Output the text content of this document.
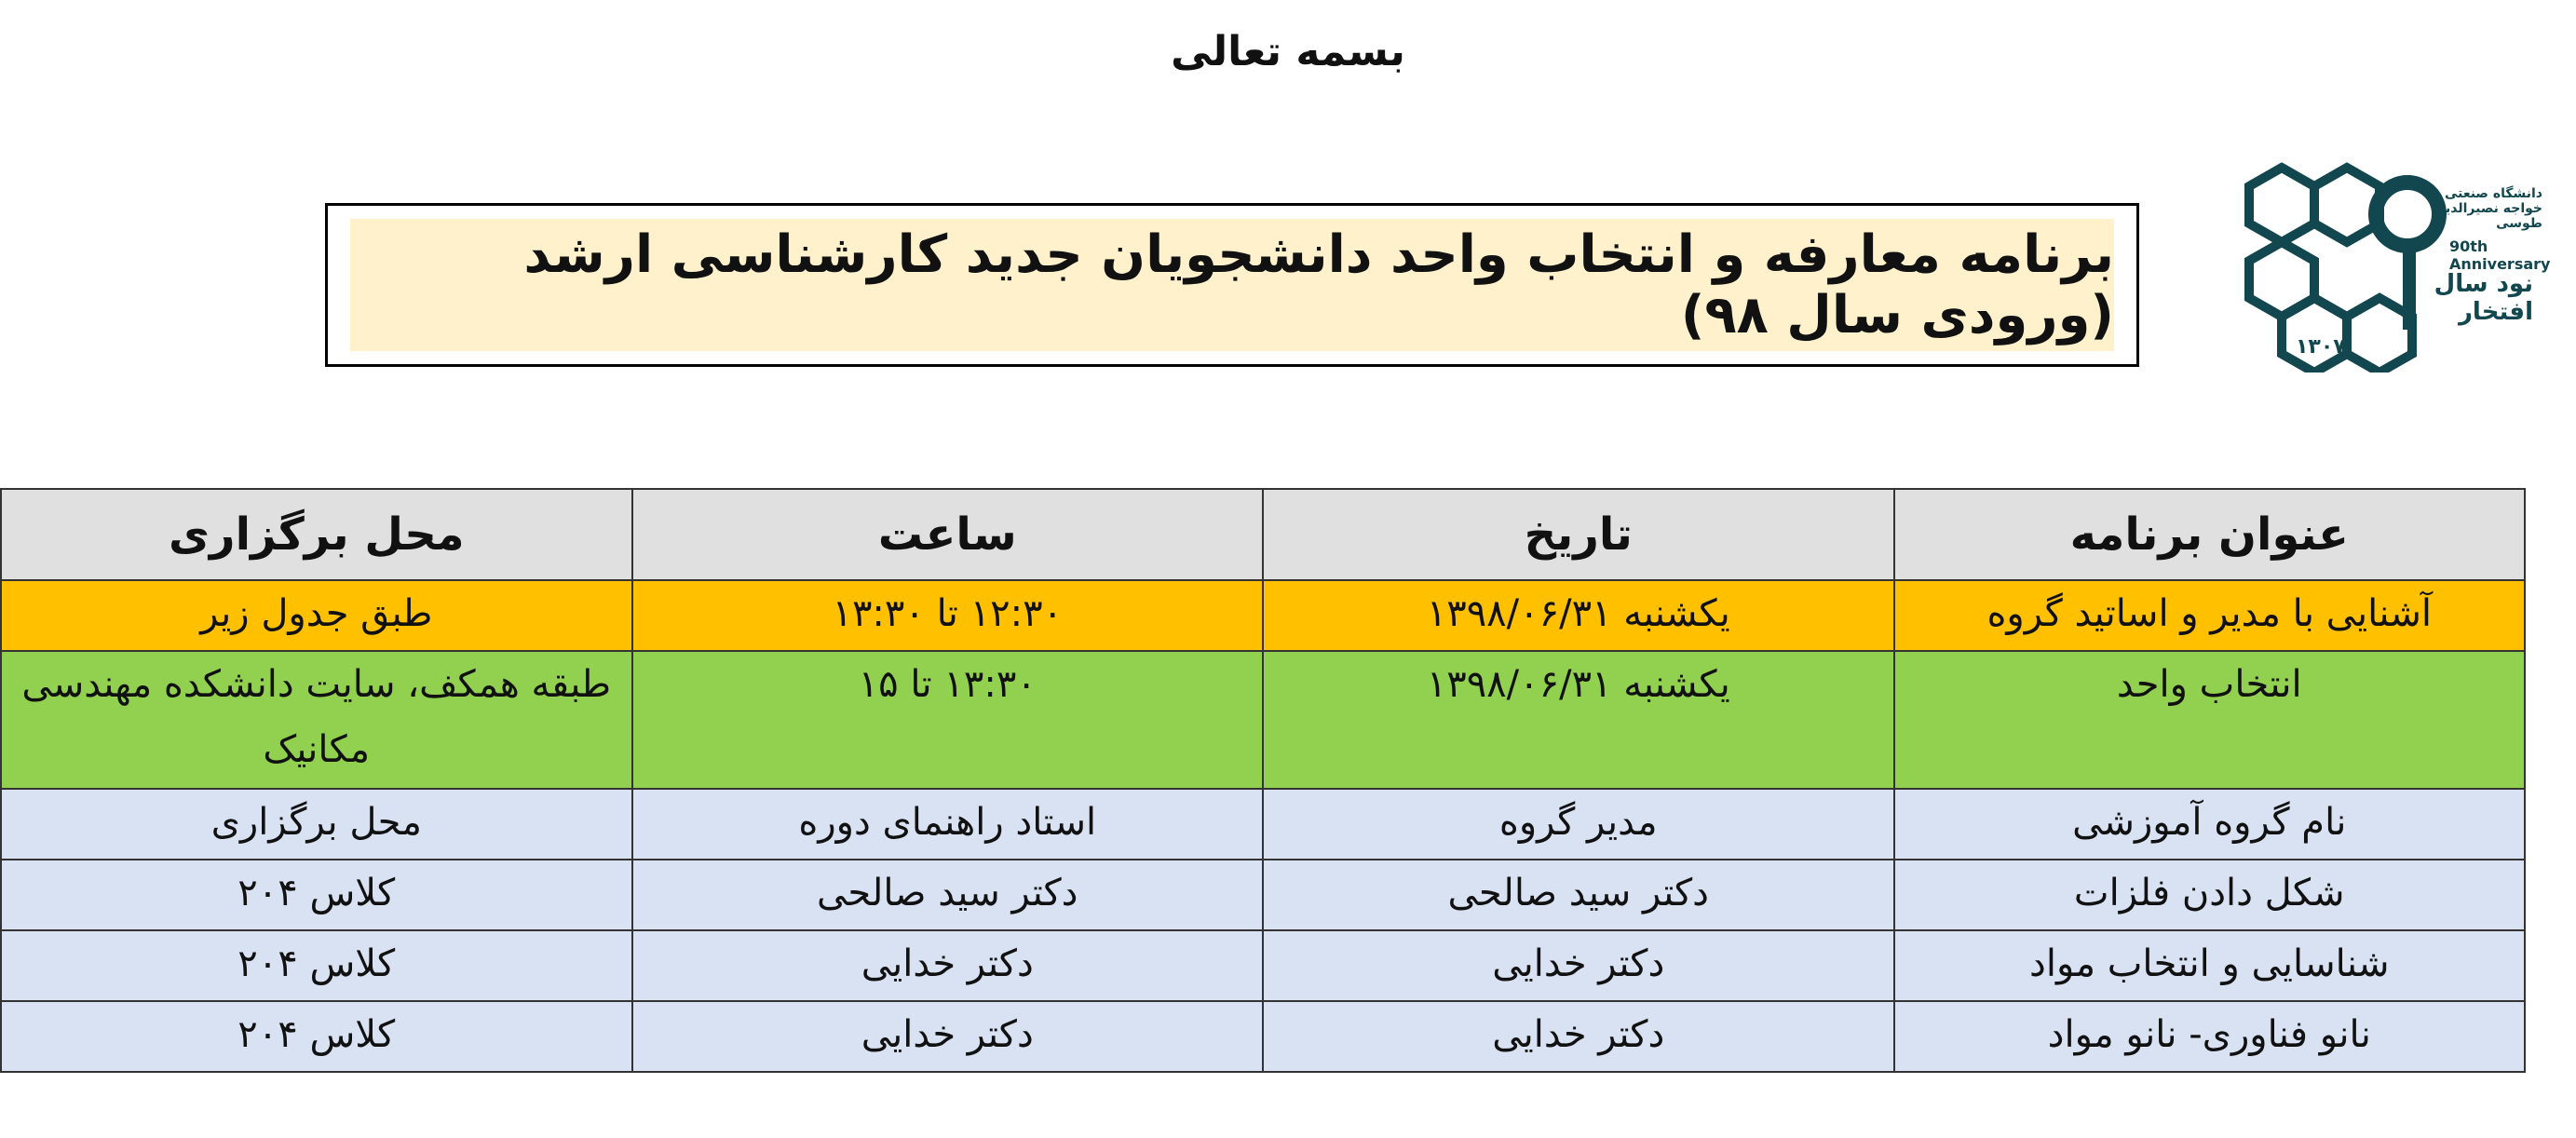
بسمه تعالی
برنامه معارفه و انتخاب واحد دانشجویان جدید کارشناسی ارشد (ورودی سال ۹۸)
دانشگاه صنعتی خواجه نصیرالدین طوسی
90th Anniversary
نود سال افتخار
۱۳۰۷
عنوان برنامه	تاریخ	ساعت	محل برگزاری
آشنایی با مدیر و اساتید گروه	یکشنبه ۱۳۹۸/۰۶/۳۱	۱۲:۳۰ تا ۱۳:۳۰	طبق جدول زیر
انتخاب واحد	یکشنبه ۱۳۹۸/۰۶/۳۱	۱۳:۳۰ تا ۱۵	طبقه همکف، سایت دانشکده مهندسی مکانیک
نام گروه آموزشی	مدیر گروه	استاد راهنمای دوره	محل برگزاری
شکل دادن فلزات	دکتر سید صالحی	دکتر سید صالحی	کلاس ۲۰۴
شناسایی و انتخاب مواد	دکتر خدایی	دکتر خدایی	کلاس ۲۰۴
نانو فناوری- نانو مواد	دکتر خدایی	دکتر خدایی	کلاس ۲۰۴
